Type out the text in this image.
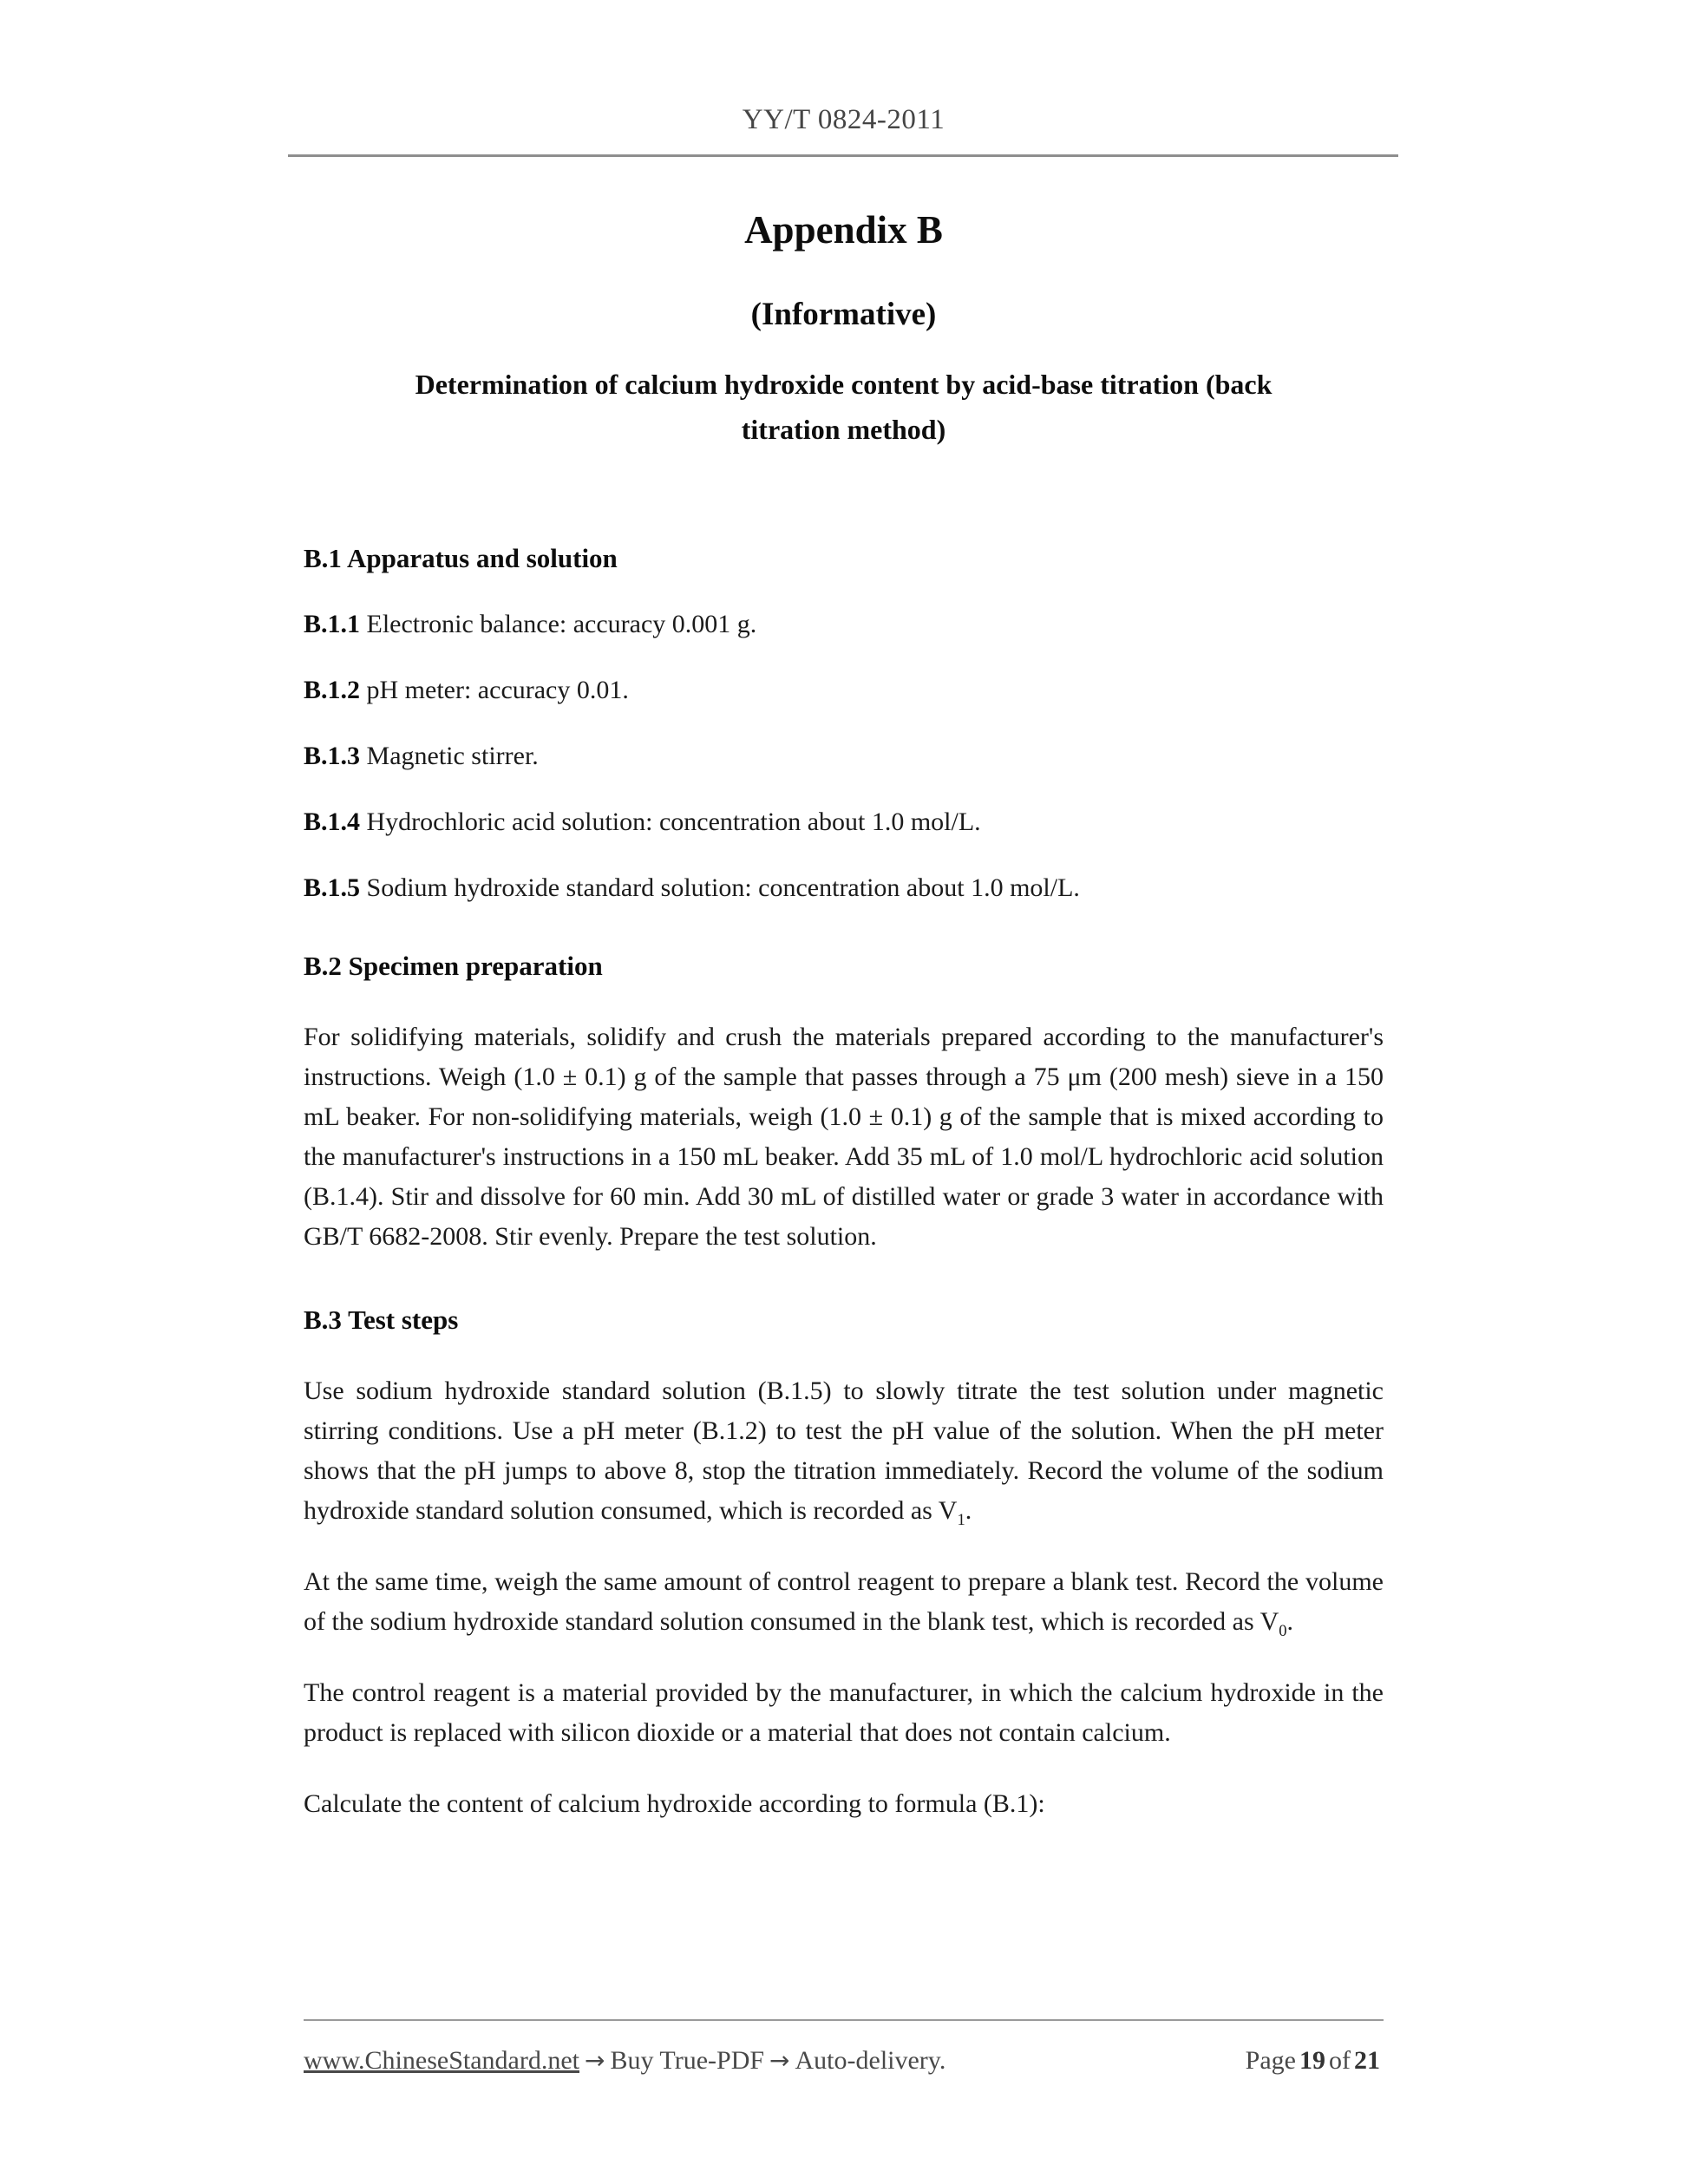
YY/T 0824-2011
Appendix B
(Informative)
Determination of calcium hydroxide content by acid-base titration (back
titration method)
B.1 Apparatus and solution

B.1.1 Electronic balance: accuracy 0.001 g.

B.1.2 pH meter: accuracy 0.01.

B.1.3 Magnetic stirrer.

B.1.4 Hydrochloric acid solution: concentration about 1.0 mol/L.

B.1.5 Sodium hydroxide standard solution: concentration about 1.0 mol/L.

B.2 Specimen preparation

For solidifying materials, solidify and crush the materials prepared according to the manufacturer's instructions. Weigh (1.0 ± 0.1) g of the sample that passes through a 75 μm (200 mesh) sieve in a 150 mL beaker. For non-solidifying materials, weigh (1.0 ± 0.1) g of the sample that is mixed according to the manufacturer's instructions in a 150 mL beaker. Add 35 mL of 1.0 mol/L hydrochloric acid solution (B.1.4). Stir and dissolve for 60 min. Add 30 mL of distilled water or grade 3 water in accordance with GB/T 6682-2008. Stir evenly. Prepare the test solution.

B.3 Test steps

Use sodium hydroxide standard solution (B.1.5) to slowly titrate the test solution under magnetic stirring conditions. Use a pH meter (B.1.2) to test the pH value of the solution. When the pH meter shows that the pH jumps to above 8, stop the titration immediately. Record the volume of the sodium hydroxide standard solution consumed, which is recorded as $V_1$.

At the same time, weigh the same amount of control reagent to prepare a blank test. Record the volume of the sodium hydroxide standard solution consumed in the blank test, which is recorded as $V_0$.

The control reagent is a material provided by the manufacturer, in which the calcium hydroxide in the product is replaced with silicon dioxide or a material that does not contain calcium.

Calculate the content of calcium hydroxide according to formula (B.1):

www.ChineseStandard.net → Buy True-PDF → Auto-delivery.	Page 19 of 21
